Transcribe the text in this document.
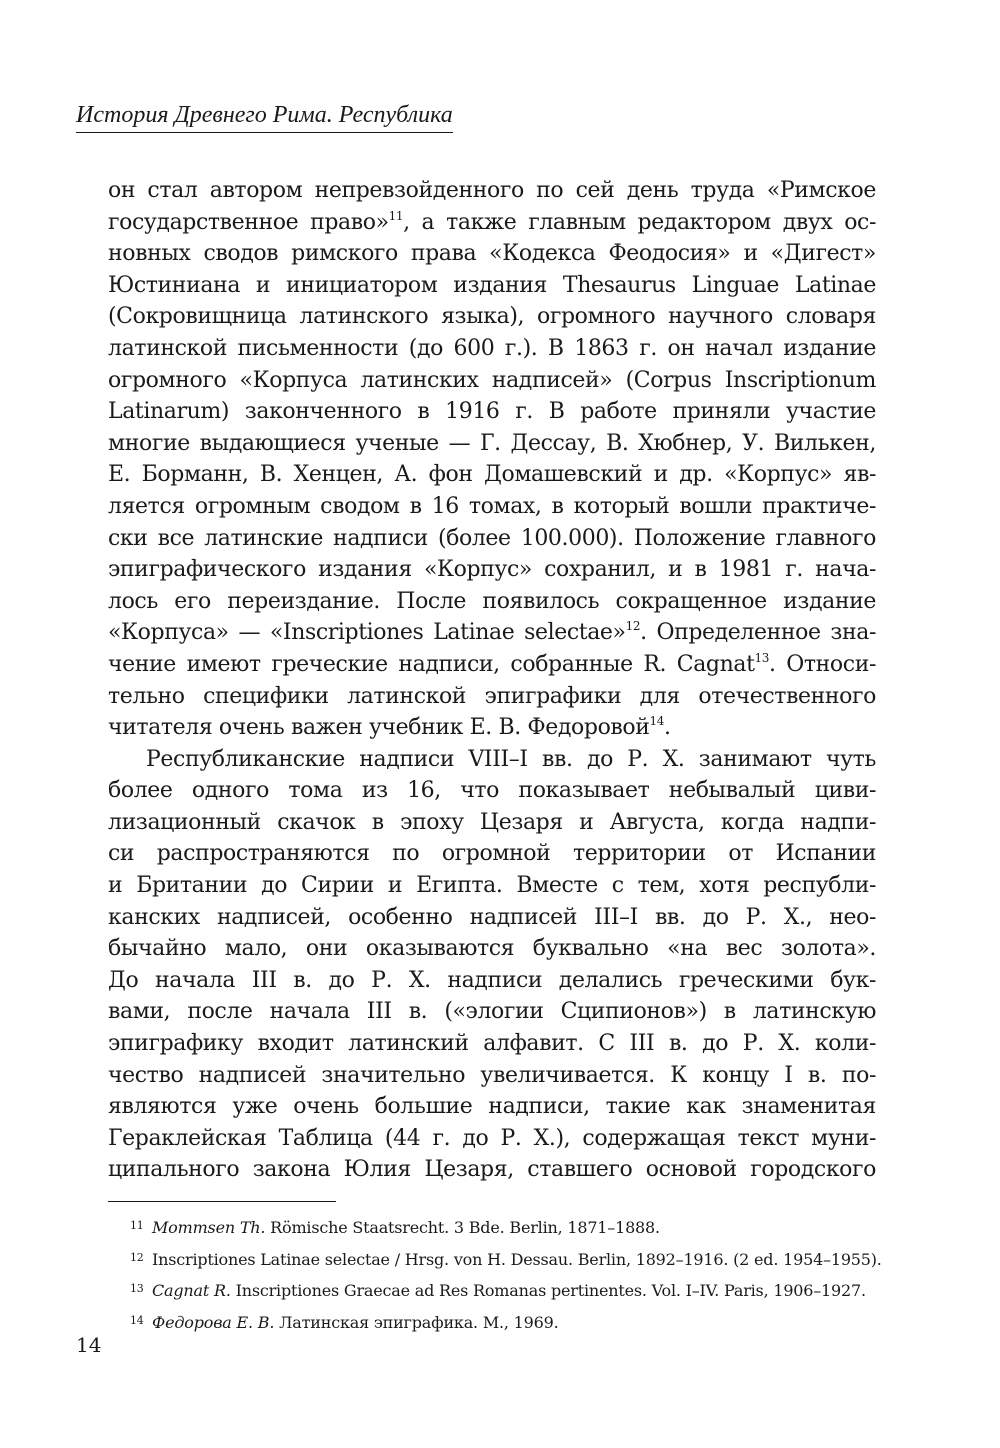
История Древнего Рима. Республика
он стал автором непревзойденного по сей день труда «Римское
государственное право»$^{11}$, а также главным редактором двух ос-
новных сводов римского права «Кодекса Феодосия» и «Дигест»
Юстиниана и инициатором издания Thesaurus Linguae Latinae
(Сокровищница латинского языка), огромного научного словаря
латинской письменности (до 600 г.). В 1863 г. он начал издание
огромного «Корпуса латинских надписей» (Corpus Inscriptionum
Latinarum) законченного в 1916 г. В работе приняли участие
многие выдающиеся ученые — Г. Дессау, В. Хюбнер, У. Вилькен,
Е. Борманн, В. Хенцен, А. фон Домашевский и др. «Корпус» яв-
ляется огромным сводом в 16 томах, в который вошли практиче-
ски все латинские надписи (более 100.000). Положение главного
эпиграфического издания «Корпус» сохранил, и в 1981 г. нача-
лось его переиздание. После появилось сокращенное издание
«Корпуса» — «Inscriptiones Latinae selectae»$^{12}$. Определенное зна-
чение имеют греческие надписи, собранные R. Cagnat$^{13}$. Относи-
тельно специфики латинской эпиграфики для отечественного
читателя очень важен учебник Е. В. Федоровой$^{14}$.
Республиканские надписи VIII–I вв. до Р. Х. занимают чуть
более одного тома из 16, что показывает небывалый циви-
лизационный скачок в эпоху Цезаря и Августа, когда надпи-
си распространяются по огромной территории от Испании
и Британии до Сирии и Египта. Вместе с тем, хотя республи-
канских надписей, особенно надписей III–I вв. до Р. Х., нео-
бычайно мало, они оказываются буквально «на вес золота».
До начала III в. до Р. Х. надписи делались греческими бук-
вами, после начала III в. («элогии Сципионов») в латинскую
эпиграфику входит латинский алфавит. С III в. до Р. Х. коли-
чество надписей значительно увеличивается. К концу I в. по-
являются уже очень большие надписи, такие как знаменитая
Гераклейская Таблица (44 г. до Р. Х.), содержащая текст муни-
ципального закона Юлия Цезаря, ставшего основой городского
11 Mommsen Th. Römische Staatsrecht. 3 Bde. Berlin, 1871–1888.
12 Inscriptiones Latinae selectae / Hrsg. von H. Dessau. Berlin, 1892–1916. (2 ed. 1954–1955).
13 Cagnat R. Inscriptiones Graecae ad Res Romanas pertinentes. Vol. I–IV. Paris, 1906–1927.
14 Федорова Е. В. Латинская эпиграфика. М., 1969.
14
